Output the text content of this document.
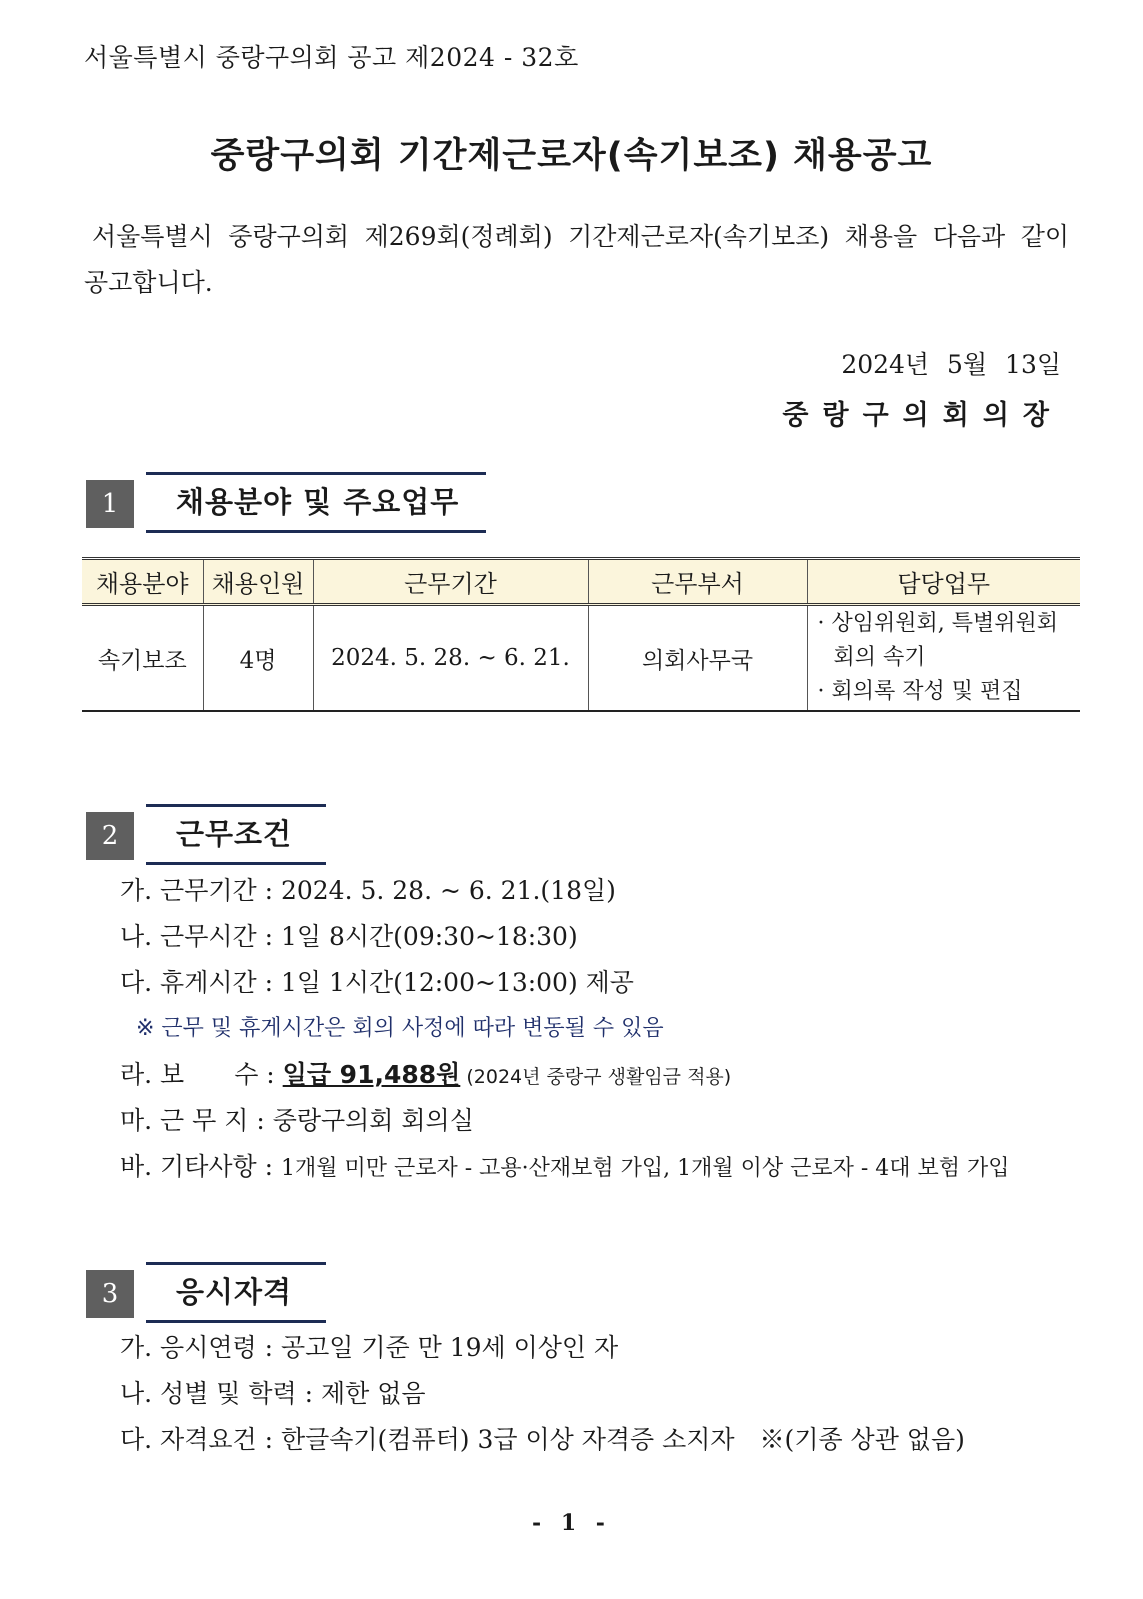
서울특별시 중랑구의회 공고 제2024 - 32호
중랑구의회 기간제근로자(속기보조) 채용공고
서울특별시 중랑구의회 제269회(정례회) 기간제근로자(속기보조) 채용을 다음과 같이 공고합니다.
2024년 5월 13일
중랑구의회의장
1	채용분야 및 주요업무
채용분야	채용인원	근무기간	근무부서	담당업무
속기보조	4명	2024. 5. 28. ~ 6. 21.	의회사무국	· 상임위원회, 특별위원회
회의 속기
· 회의록 작성 및 편집
2	근무조건
가. 근무기간 : 2024. 5. 28. ~ 6. 21.(18일)
나. 근무시간 : 1일 8시간(09:30~18:30)
다. 휴게시간 : 1일 1시간(12:00~13:00) 제공
※ 근무 및 휴게시간은 회의 사정에 따라 변동될 수 있음
라. 보　　수 : 일급 91,488원 (2024년 중랑구 생활임금 적용)
마. 근 무 지 : 중랑구의회 회의실
바. 기타사항 : 1개월 미만 근로자 - 고용·산재보험 가입, 1개월 이상 근로자 - 4대 보험 가입
3	응시자격
가. 응시연령 : 공고일 기준 만 19세 이상인 자
나. 성별 및 학력 : 제한 없음
다. 자격요건 : 한글속기(컴퓨터) 3급 이상 자격증 소지자　※(기종 상관 없음)
- 1 -
